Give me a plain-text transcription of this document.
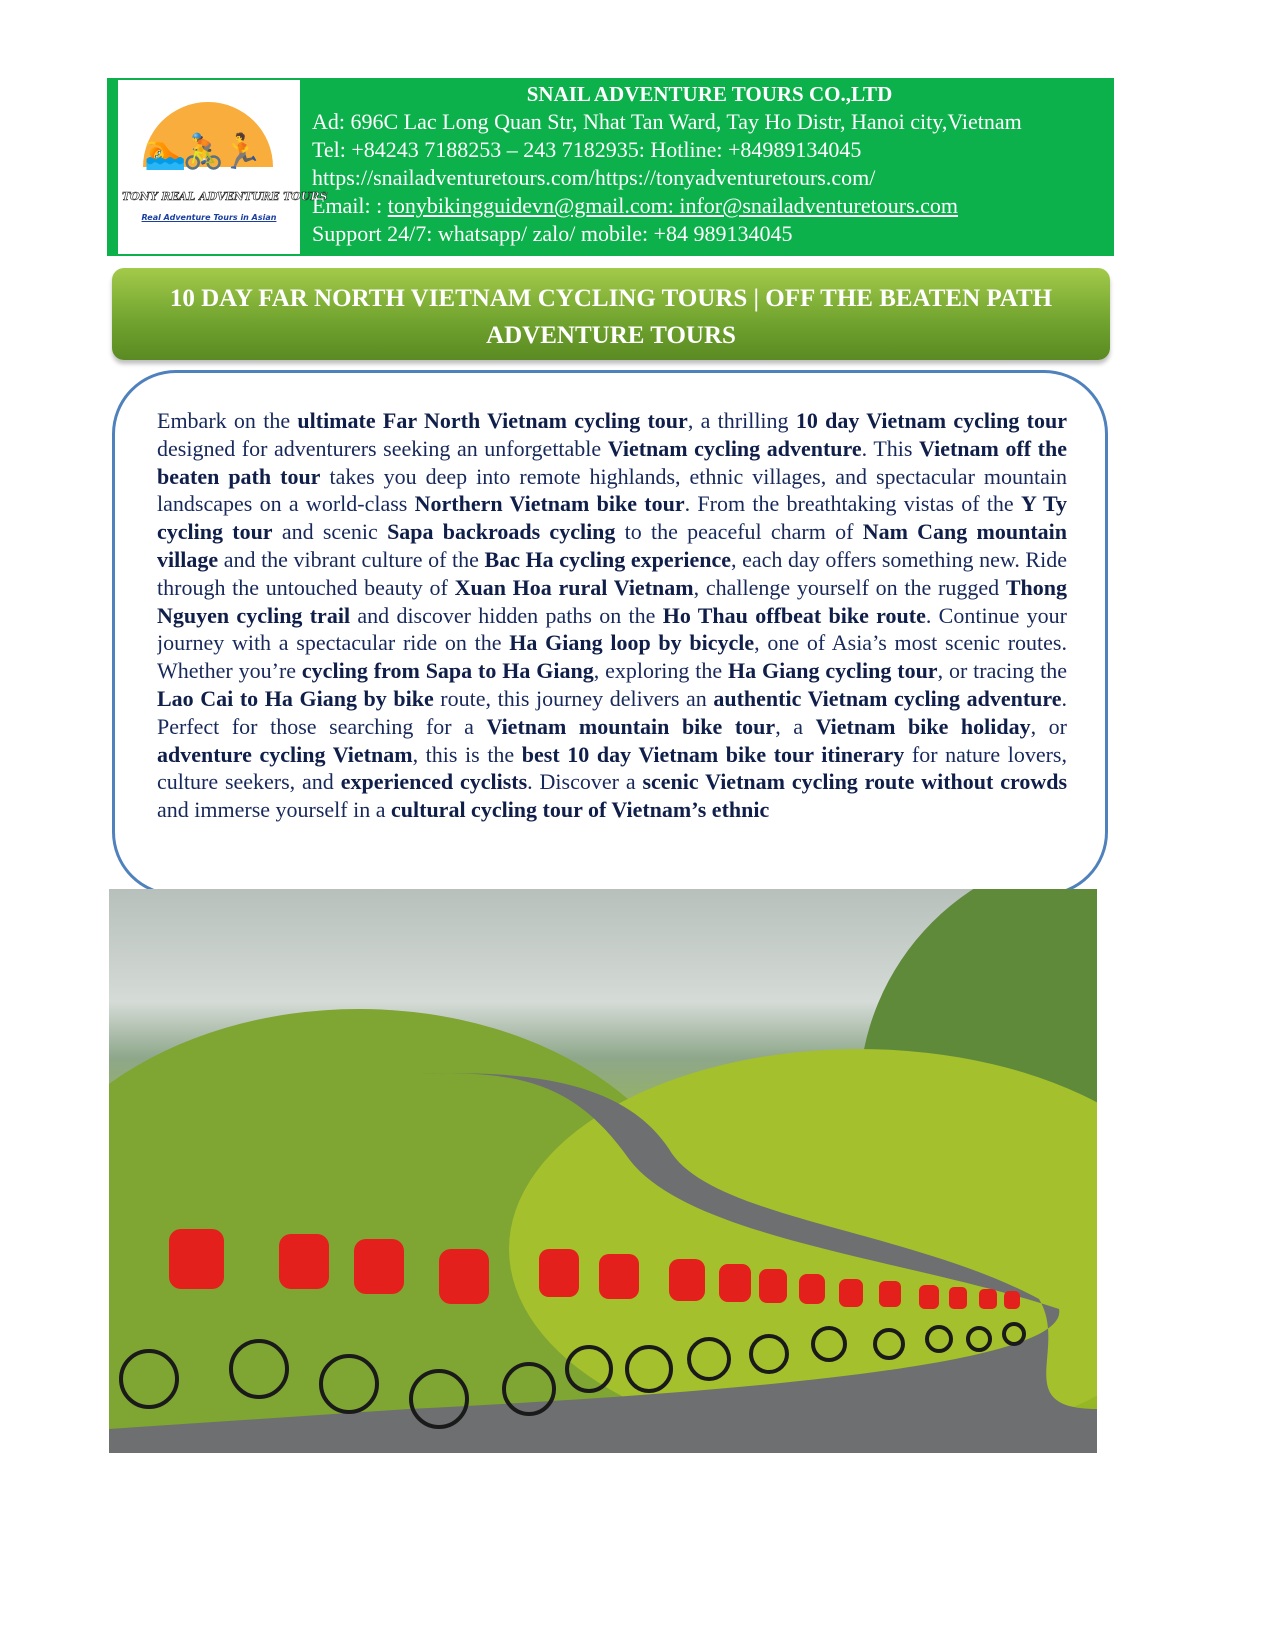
🏊🚴🏃
TONY REAL ADVENTURE TOURS
Real Adventure Tours in Asian
SNAIL ADVENTURE TOURS CO.,LTD
Ad: 696C Lac Long Quan Str, Nhat Tan Ward, Tay Ho Distr, Hanoi city,Vietnam
Tel: +84243 7188253 – 243 7182935: Hotline: +84989134045
https://snailadventuretours.com/https://tonyadventuretours.com/
Email: : tonybikingguidevn@gmail.com: infor@snailadventuretours.com
Support 24/7: whatsapp/ zalo/ mobile: +84 989134045
10 DAY FAR NORTH VIETNAM CYCLING TOURS | OFF THE BEATEN PATH ADVENTURE TOURS
Embark on the ultimate Far North Vietnam cycling tour, a thrilling 10 day Vietnam cycling tour designed for adventurers seeking an unforgettable Vietnam cycling adventure. This Vietnam off the beaten path tour takes you deep into remote highlands, ethnic villages, and spectacular mountain landscapes on a world-class Northern Vietnam bike tour. From the breathtaking vistas of the Y Ty cycling tour and scenic Sapa backroads cycling to the peaceful charm of Nam Cang mountain village and the vibrant culture of the Bac Ha cycling experience, each day offers something new. Ride through the untouched beauty of Xuan Hoa rural Vietnam, challenge yourself on the rugged Thong Nguyen cycling trail and discover hidden paths on the Ho Thau offbeat bike route. Continue your journey with a spectacular ride on the Ha Giang loop by bicycle, one of Asia’s most scenic routes. Whether you’re cycling from Sapa to Ha Giang, exploring the Ha Giang cycling tour, or tracing the Lao Cai to Ha Giang by bike route, this journey delivers an authentic Vietnam cycling adventure. Perfect for those searching for a Vietnam mountain bike tour, a Vietnam bike holiday, or adventure cycling Vietnam, this is the best 10 day Vietnam bike tour itinerary for nature lovers, culture seekers, and experienced cyclists. Discover a scenic Vietnam cycling route without crowds and immerse yourself in a cultural cycling tour of Vietnam’s ethnic
